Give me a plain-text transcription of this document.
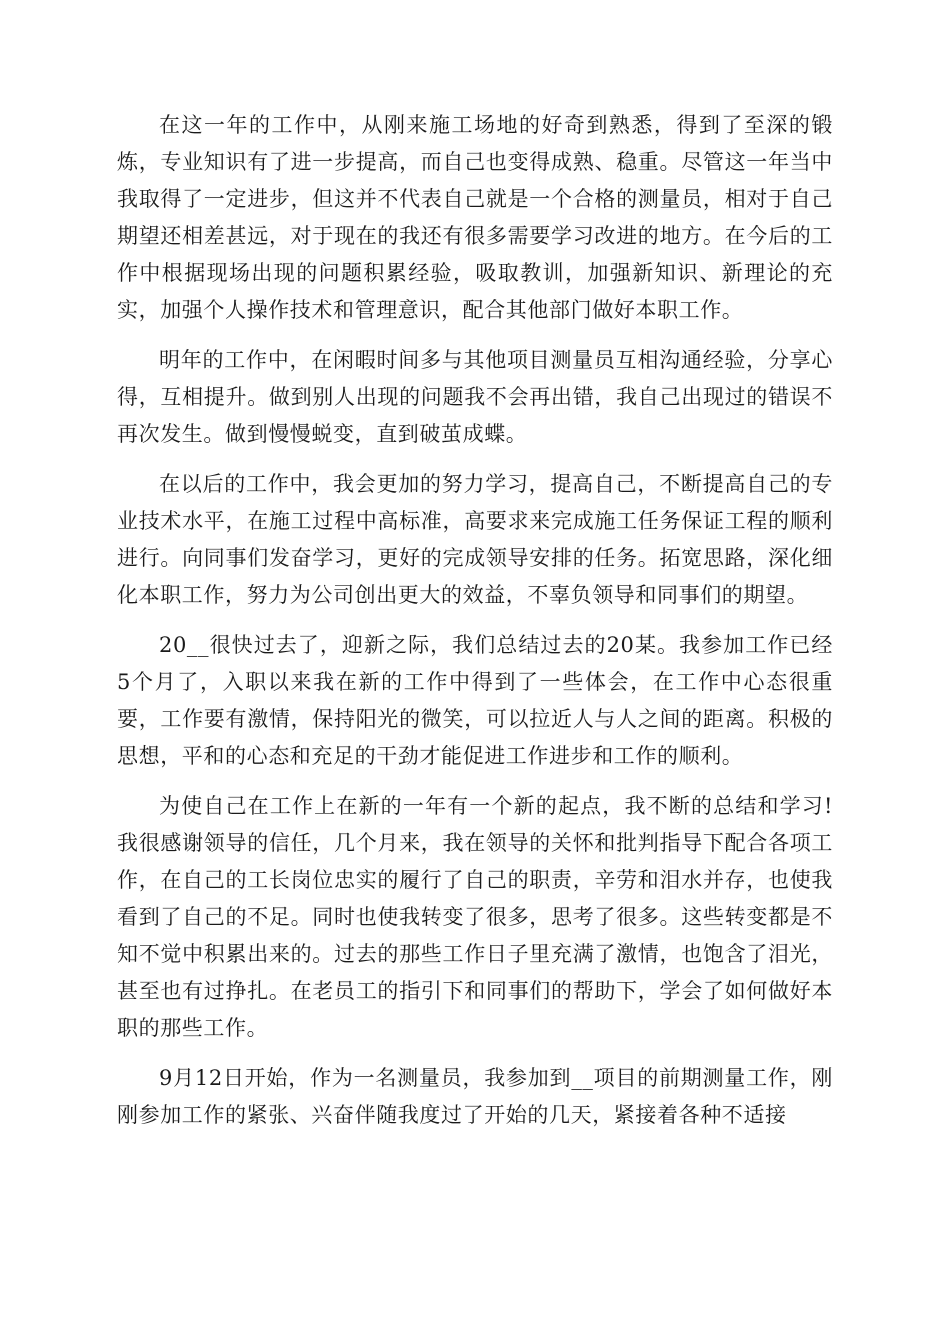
在这一年的工作中，从刚来施工场地的好奇到熟悉，得到了至深的锻炼，专业知识有了进一步提高，而自己也变得成熟、稳重。尽管这一年当中我取得了一定进步，但这并不代表自己就是一个合格的测量员，相对于自己期望还相差甚远，对于现在的我还有很多需要学习改进的地方。在今后的工作中根据现场出现的问题积累经验，吸取教训，加强新知识、新理论的充实，加强个人操作技术和管理意识，配合其他部门做好本职工作。

明年的工作中，在闲暇时间多与其他项目测量员互相沟通经验，分享心得，互相提升。做到别人出现的问题我不会再出错，我自己出现过的错误不再次发生。做到慢慢蜕变，直到破茧成蝶。

在以后的工作中，我会更加的努力学习，提高自己，不断提高自己的专业技术水平，在施工过程中高标准，高要求来完成施工任务保证工程的顺利进行。向同事们发奋学习，更好的完成领导安排的任务。拓宽思路，深化细化本职工作，努力为公司创出更大的效益，不辜负领导和同事们的期望。

20__很快过去了，迎新之际，我们总结过去的20某。我参加工作已经5个月了，入职以来我在新的工作中得到了一些体会，在工作中心态很重要，工作要有激情，保持阳光的微笑，可以拉近人与人之间的距离。积极的思想，平和的心态和充足的干劲才能促进工作进步和工作的顺利。

为使自己在工作上在新的一年有一个新的起点，我不断的总结和学习!我很感谢领导的信任，几个月来，我在领导的关怀和批判指导下配合各项工作，在自己的工长岗位忠实的履行了自己的职责，辛劳和泪水并存，也使我看到了自己的不足。同时也使我转变了很多，思考了很多。这些转变都是不知不觉中积累出来的。过去的那些工作日子里充满了激情，也饱含了泪光，甚至也有过挣扎。在老员工的指引下和同事们的帮助下，学会了如何做好本职的那些工作。

9月12日开始，作为一名测量员，我参加到__项目的前期测量工作，刚刚参加工作的紧张、兴奋伴随我度过了开始的几天，紧接着各种不适接
